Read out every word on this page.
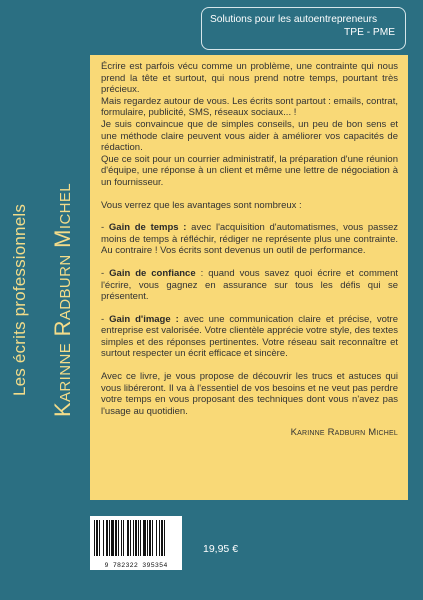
Les écrits professionnels Karinne Radburn Michel
Solutions pour les autoentrepreneurs
TPE - PME

Écrire est parfois vécu comme un problème, une contrainte qui nous prend la tête et surtout, qui nous prend notre temps, pourtant très précieux.

Mais regardez autour de vous. Les écrits sont partout : emails, contrat, formulaire, publicité, SMS, réseaux sociaux... !

Je suis convaincue que de simples conseils, un peu de bon sens et une méthode claire peuvent vous aider à améliorer vos capacités de rédaction.

Que ce soit pour un courrier administratif, la préparation d'une réunion d'équipe, une réponse à un client et même une lettre de négociation à un fournisseur.

Vous verrez que les avantages sont nombreux :

- Gain de temps : avec l'acquisition d'automatismes, vous passez moins de temps à réfléchir, rédiger ne représente plus une contrainte. Au contraire ! Vos écrits sont devenus un outil de performance.

- Gain de confiance : quand vous savez quoi écrire et comment l'écrire, vous gagnez en assurance sur tous les défis qui se présentent.

- Gain d'image : avec une communication claire et précise, votre entreprise est valorisée. Votre clientèle apprécie votre style, des textes simples et des réponses pertinentes. Votre réseau sait reconnaître et surtout respecter un écrit efficace et sincère.

Avec ce livre, je vous propose de découvrir les trucs et astuces qui vous libéreront. Il va à l'essentiel de vos besoins et ne veut pas perdre votre temps en vous proposant des techniques dont vous n'avez pas l'usage au quotidien.

Karinne Radburn Michel
9 782322 395354
19,95 €
